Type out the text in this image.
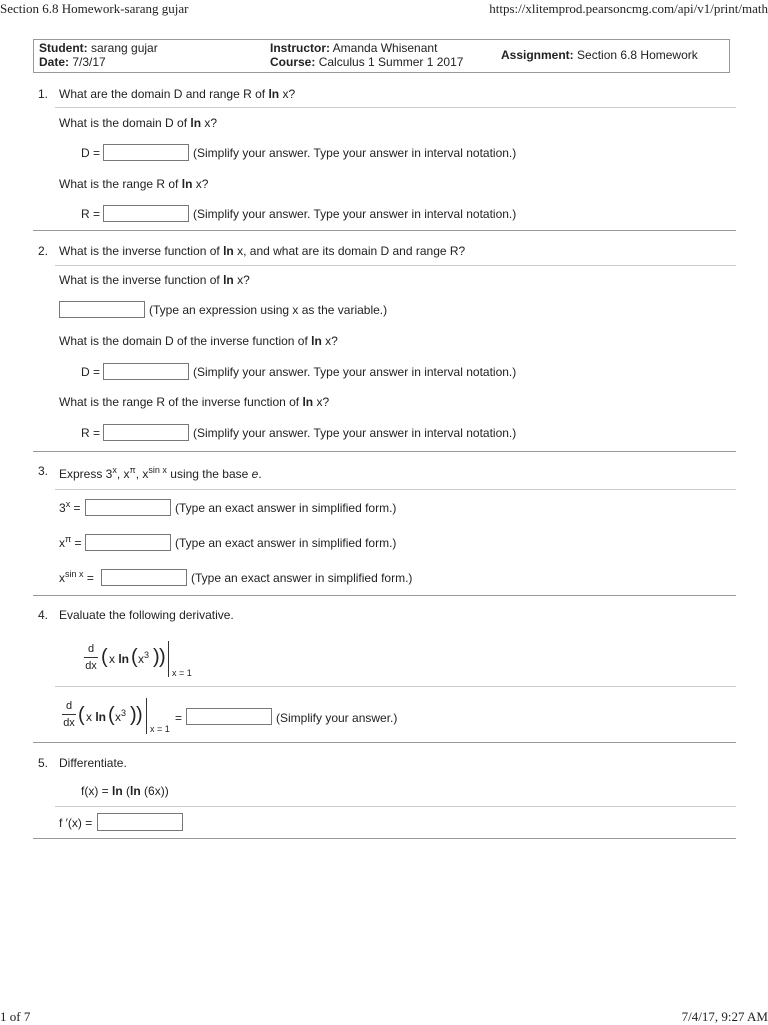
Section 6.8 Homework-sarang gujar	https://xlitemprod.pearsoncmg.com/api/v1/print/math
1 of 7	7/4/17, 9:27 AM
Student: sarang gujar
Date: 7/3/17
Instructor: Amanda Whisenant
Course: Calculus 1 Summer 1 2017	Assignment: Section 6.8 Homework
1. What are the domain D and range R of ln x?
What is the domain D of ln x?
D =	(Simplify your answer. Type your answer in interval notation.)
What is the range R of ln x?
R =	(Simplify your answer. Type your answer in interval notation.)
2. What is the inverse function of ln x, and what are its domain D and range R?
What is the inverse function of ln x?
(Type an expression using x as the variable.)
What is the domain D of the inverse function of ln x?
D =	(Simplify your answer. Type your answer in interval notation.)
What is the range R of the inverse function of ln x?
R =	(Simplify your answer. Type your answer in interval notation.)
3. Express 3$^x$, $x^\pi$, $x^{sin x}$ using the base e.
$3^x$ =	(Type an exact answer in simplified form.)
$x^\pi$ =	(Type an exact answer in simplified form.)
$x^{sin x}$ =	(Type an exact answer in simplified form.)
4. Evaluate the following derivative.
d
dx ( x ln ( $x^3$ ) )
x = 1
d
dx ( x ln ( $x^3$ ) )
x = 1
=	(Simplify your answer.)
5. Differentiate.
f(x) = ln (ln (6x))
f ′(x) =
